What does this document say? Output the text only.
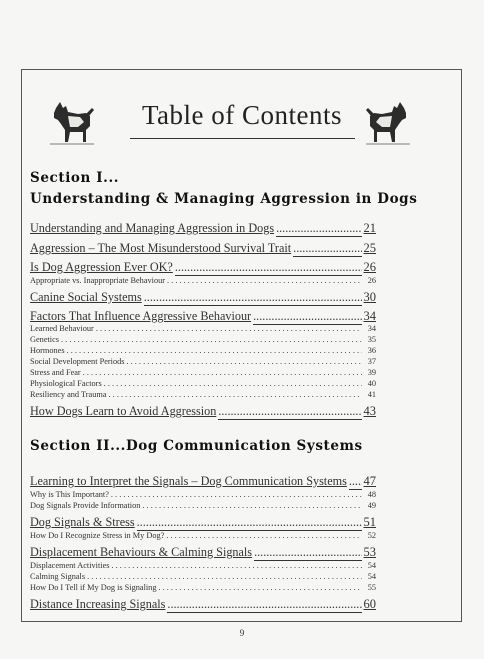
Table of Contents
Section I...
Understanding & Managing Aggression in Dogs
Understanding and Managing Aggression in Dogs .....	21
Aggression – The Most Misunderstood Survival Trait .....	25
Is Dog Aggression Ever OK? .....	26
Appropriate vs. Inappropriate Behaviour . . .	26
Canine Social Systems .....	30
Factors That Influence Aggressive Behaviour .....	34
Learned Behaviour . . .	34
Genetics . . .	35
Hormones . . .	36
Social Development Periods . . .	37
Stress and Fear . . .	39
Physiological Factors . . .	40
Resiliency and Trauma . . .	41
How Dogs Learn to Avoid Aggression .....	43
Section II...Dog Communication Systems
Learning to Interpret the Signals – Dog Communication Systems ..... 47
Why is This Important? . . .	48
Dog Signals Provide Information . . .	49
Dog Signals & Stress .....	51
How Do I Recognize Stress in My Dog? . . .	52
Displacement Behaviours & Calming Signals .....	53
Displacement Activities . . .	54
Calming Signals . . .	54
How Do I Tell if My Dog is Signaling . . .	55
Distance Increasing Signals .....	60
9
